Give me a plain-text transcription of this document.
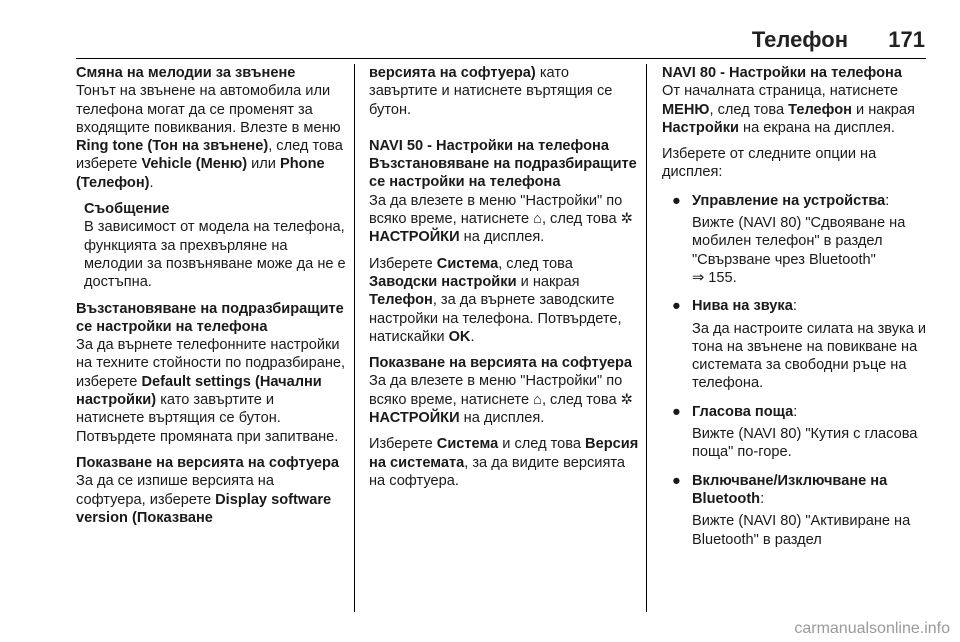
Телефон 171
Смяна на мелодии за звънене
Тонът на звънене на автомобила или телефона могат да се променят за входящите повиквания. Влезте в меню Ring tone (Тон на звънене), след това изберете Vehicle (Меню) или Phone (Телефон).
Съобщение
В зависимост от модела на телефона, функцията за прехвърляне на мелодии за позвъняване може да не е достъпна.
Възстановяване на подразбиращите се настройки на телефона
За да върнете телефонните настройки на техните стойности по подразбиране, изберете Default settings (Начални настройки) като завъртите и натиснете въртящия се бутон. Потвърдете промяната при запитване.
Показване на версията на софтуера
За да се изпише версията на софтуера, изберете Display software version (Показване
версията на софтуера) като завъртите и натиснете въртящия се бутон.
NAVI 50 - Настройки на телефона
Възстановяване на подразбиращите се настройки на телефона
За да влезете в меню "Настройки" по всяко време, натиснете ⌂, след това ✲НАСТРОЙКИ на дисплея.
Изберете Система, след това Заводски настройки и накрая Телефон, за да върнете заводските настройки на телефона. Потвърдете, натискайки OK.
Показване на версията на софтуера
За да влезете в меню "Настройки" по всяко време, натиснете ⌂, след това ✲НАСТРОЙКИ на дисплея.
Изберете Система и след това Версия на системата, за да видите версията на софтуера.
NAVI 80 - Настройки на телефона
От началната страница, натиснете МЕНЮ, след това Телефон и накрая Настройки на екрана на дисплея.
Изберете от следните опции на дисплея:
● Управление на устройства:
Вижте (NAVI 80) "Сдвояване на мобилен телефон" в раздел "Свързване чрез Bluetooth"
⇒ 155.
● Нива на звука:
За да настроите силата на звука и тона на звънене на повикване на системата за свободни ръце на телефона.
● Гласова поща:
Вижте (NAVI 80) "Кутия с гласова поща" по-горе.
● Включване/Изключване на Bluetooth:
Вижте (NAVI 80) "Активиране на Bluetooth" в раздел
carmanualsonline.info
